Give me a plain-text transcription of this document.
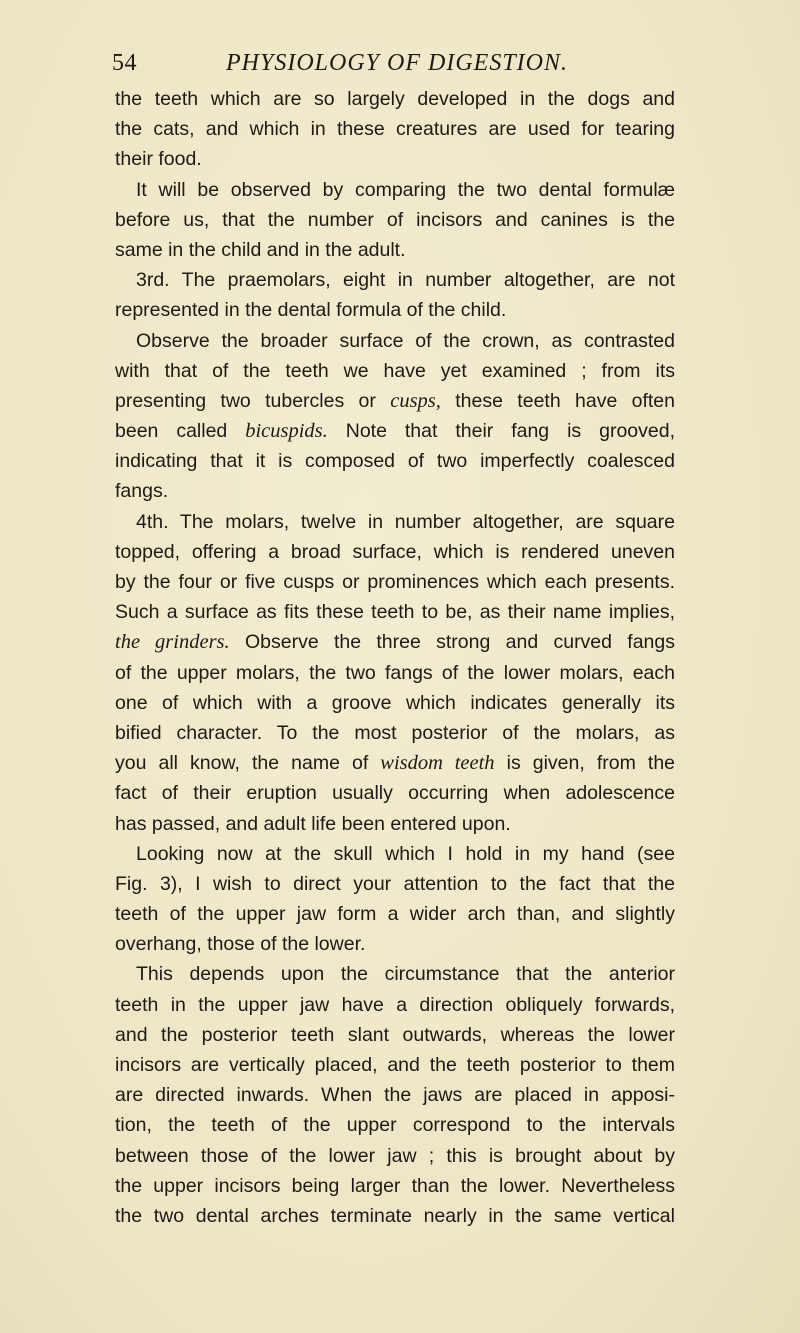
54	PHYSIOLOGY OF DIGESTION.
the teeth which are so largely developed in the dogs and
the cats, and which in these creatures are used for tearing
their food.
It will be observed by comparing the two dental formulæ
before us, that the number of incisors and canines is the
same in the child and in the adult.
3rd. The praemolars, eight in number altogether, are not
represented in the dental formula of the child.
Observe the broader surface of the crown, as contrasted
with that of the teeth we have yet examined ; from its
presenting two tubercles or cusps, these teeth have often
been called bicuspids. Note that their fang is grooved,
indicating that it is composed of two imperfectly coalesced
fangs.
4th. The molars, twelve in number altogether, are square
topped, offering a broad surface, which is rendered uneven
by the four or five cusps or prominences which each presents.
Such a surface as fits these teeth to be, as their name implies,
the grinders. Observe the three strong and curved fangs
of the upper molars, the two fangs of the lower molars, each
one of which with a groove which indicates generally its
bified character. To the most posterior of the molars, as
you all know, the name of wisdom teeth is given, from the
fact of their eruption usually occurring when adolescence
has passed, and adult life been entered upon.
Looking now at the skull which I hold in my hand (see
Fig. 3), I wish to direct your attention to the fact that the
teeth of the upper jaw form a wider arch than, and slightly
overhang, those of the lower.
This depends upon the circumstance that the anterior
teeth in the upper jaw have a direction obliquely forwards,
and the posterior teeth slant outwards, whereas the lower
incisors are vertically placed, and the teeth posterior to them
are directed inwards. When the jaws are placed in apposi-
tion, the teeth of the upper correspond to the intervals
between those of the lower jaw ; this is brought about by
the upper incisors being larger than the lower. Nevertheless
the two dental arches terminate nearly in the same vertical
